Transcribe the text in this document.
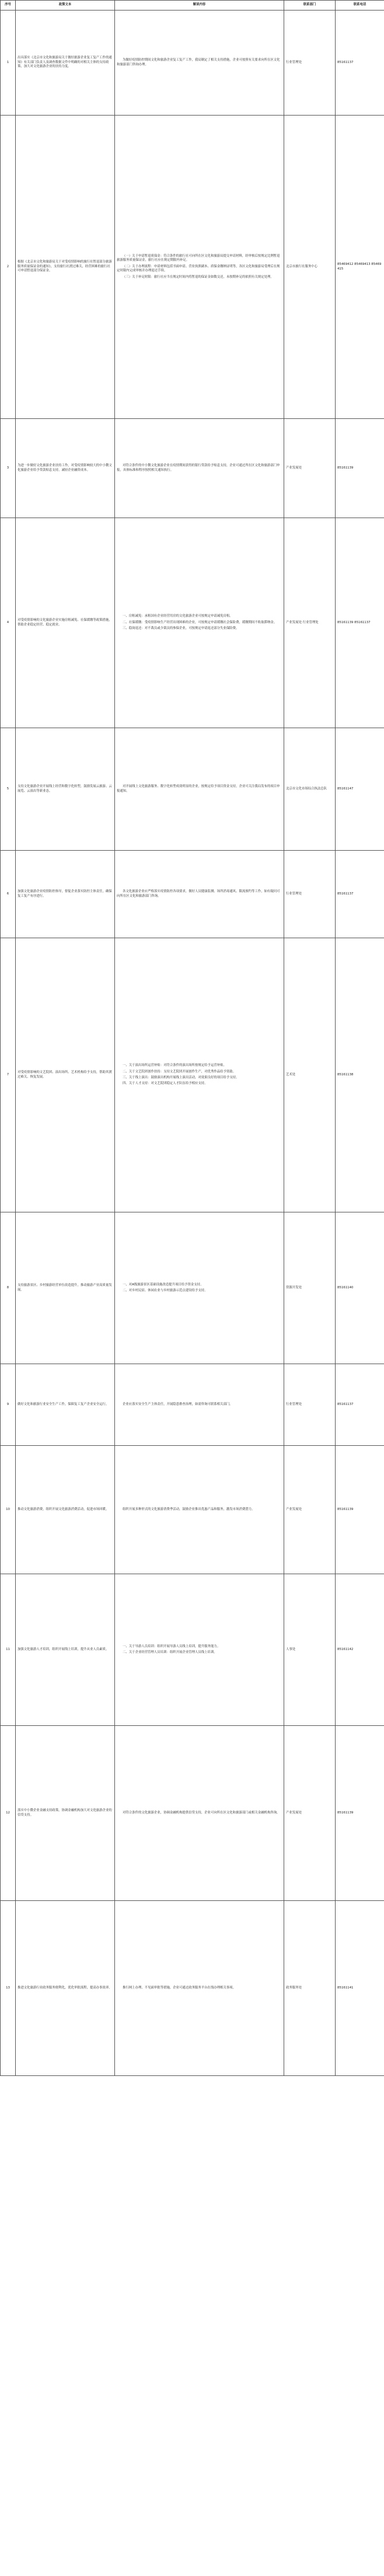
序号	政策文本	解读内容	联系部门	联系电话
1	出具落实《北京市文化和旅游局关于做好旅游企业复工复产工作的通知》有关部门负责人及调查数据文件中明确的对相关主体的支持政策，加大对文化旅游企业的扶持力度。	为做好疫情防控期间文化和旅游企业复工复产工作，我局制定了相关支持措施，企业可按照有关要求向所在区文化和旅游部门咨询办理。	行业管理处	85161137
2	根据《北京市文化和旅游局关于对受疫情影响的旅行社暂退部分旅游服务质量保证金的通知》，支持旅行社渡过难关，经营困难的旅行社可申请暂退部分保证金。	（一）关于申请暂退质保金：符合条件的旅行社可向所在区文化和旅游局提交申请材料，经审核后按规定比例暂退旅游服务质量保证金，旅行社应在规定期限内补足。
（二）关于办理流程：申请材料包括书面申请、营业执照副本、质保金缴纳证明等，各区文化和旅游局受理后在规定时限内完成审核并办理退还手续。
（三）关于补足时限：旅行社应当在规定时间内将暂退的保证金如数交还，未按期补足的依照有关规定处理。	北京市旅行社服务中心	85469412 85469413 85469415
3	为进一步做好文化旅游企业扶持工作，对受疫情影响较大的中小微文化旅游企业给予贷款贴息支持，减轻企业融资成本。	对符合条件的中小微文化旅游企业在疫情期间获得的银行贷款给予贴息支持，企业可通过所在区文化和旅游部门申报，具体标准和程序按照相关通知执行。	产业发展处	85161139
4	对受疫情影响的文化旅游企业实施房租减免、社保缓缴等政策措施，帮助企业稳定经营、稳定就业。	一、房租减免：承租国有企业经营用房的文化旅游企业可按规定申请减免房租。
二、社保缓缴：受疫情影响生产经营出现困难的企业，可按规定申请缓缴社会保险费，缓缴期间不收取滞纳金。
三、稳岗返还：对不裁员或少裁员的参保企业，可按规定申请返还部分失业保险费。	产业发展处 行业管理处	85161139 85161137
5	支持文化旅游企业开展线上经营和数字化转型，鼓励发展云旅游、云展览、云演出等新业态。	对开展线上文化旅游服务、数字化转型成效明显的企业，按规定给予项目资金支持，企业可关注我局发布的项目申报通知。	北京市文化市场综合执法总队	85161147
6	加强文化旅游企业疫情防控指导，督促企业落实防控主体责任，确保复工复产有序进行。	各文化旅游企业应严格落实疫情防控各项要求，做好人员健康监测、场所消毒通风、限流预约等工作，如有疑问可向所在区文化和旅游部门咨询。	行业管理处	85161137
7	对受疫情影响的文艺院团、演出场所、艺术机构给予支持，帮助其渡过难关、恢复发展。	一、关于演出场所运营补贴：对符合条件的演出场所按规定给予运营补贴。
二、关于文艺院团创作扶持：支持文艺院团开展创作生产，对优秀作品给予资助。
三、关于线上演出：鼓励演出机构开展线上演出活动，对效果良好的项目给予支持。
四、关于人才支持：对文艺院团稳定人才队伍给予相应支持。	艺术处	85161138
8	支持旅游景区、乡村旅游经营单位改造提升，推动旅游产业高质量发展。	一、对A级旅游景区基础设施改造提升项目给予资金支持。
二、对乡村民宿、休闲农业与乡村旅游示范点建设给予支持。	资源开发处	85161140
9	做好文化和旅游行业安全生产工作，保障复工复产企业安全运行。	企业应落实安全生产主体责任，开展隐患排查治理，如需咨询可联系相关部门。	行业管理处	85161137
10	推动文化旅游消费，组织开展文化旅游消费活动，促进市场回暖。	组织开展多种形式的文化旅游消费季活动，鼓励企业推出优惠产品和服务，激发市场消费潜力。	产业发展处	85161139
11	加强文化旅游人才培训，组织开展线上培训，提升从业人员素质。	一、关于导游人员培训：组织开展导游人员线上培训，提升服务能力。
二、关于企业经营管理人员培训：组织开展企业管理人员线上培训。	人事处	85161142
12	落实中小微企业金融支持政策，协调金融机构加大对文化旅游企业的信贷支持。	对符合条件的文化旅游企业，协调金融机构提供信贷支持，企业可向所在区文化和旅游部门或相关金融机构咨询。	产业发展处	85161139
13	推进文化旅游行业政务服务便利化，优化审批流程，提高办事效率。	推行网上办理、不见面审批等措施，企业可通过政务服务平台在线办理相关事项。	政务服务处	85161141
